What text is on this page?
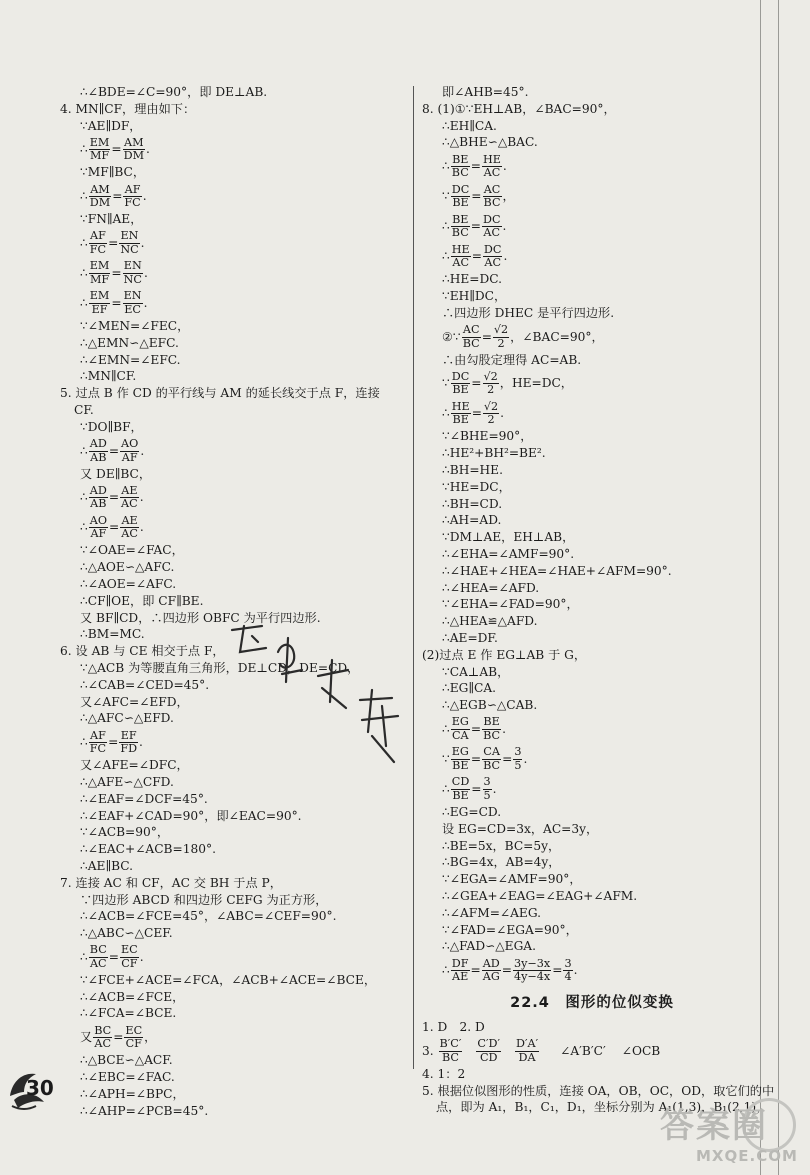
∴∠BDE=∠C=90°，即 DE⊥AB.
4. MN∥CF，理由如下：
∵AE∥DF，
∴ $\frac{EM}{MF} = \frac{AM}{DM}$ .
∵MF∥BC，
∴ $\frac{AM}{DM} = \frac{AF}{FC}$ .
∵FN∥AE，
∴ $\frac{AF}{FC} = \frac{EN}{NC}$ .
∴ $\frac{EM}{MF} = \frac{EN}{NC}$ .
∴ $\frac{EM}{EF} = \frac{EN}{EC}$ .
∵∠MEN=∠FEC，
∴△EMN∽△EFC.
∴∠EMN=∠EFC.
∴MN∥CF.
5. 过点 B 作 CD 的平行线与 AM 的延长线交于点 F，连接
CF.
∵DO∥BF，
∴ $\frac{AD}{AB} = \frac{AO}{AF}$ .
又 DE∥BC，
∴ $\frac{AD}{AB} = \frac{AE}{AC}$ .
∴ $\frac{AO}{AF} = \frac{AE}{AC}$ .
∵∠OAE=∠FAC，
∴△AOE∽△AFC.
∴∠AOE=∠AFC.
∴CF∥OE，即 CF∥BE.
又 BF∥CD，∴四边形 OBFC 为平行四边形.
∴BM=MC.
6. 设 AB 与 CE 相交于点 F，
∵△ACB 为等腰直角三角形，DE⊥CD，DE=CD，
∴∠CAB=∠CED=45°.
又∠AFC=∠EFD，
∴△AFC∽△EFD.
∴ $\frac{AF}{FC} = \frac{EF}{FD}$ .
又∠AFE=∠DFC，
∴△AFE∽△CFD.
∴∠EAF=∠DCF=45°.
∴∠EAF+∠CAD=90°，即∠EAC=90°.
∵∠ACB=90°，
∴∠EAC+∠ACB=180°.
∴AE∥BC.
7. 连接 AC 和 CF，AC 交 BH 于点 P，
∵四边形 ABCD 和四边形 CEFG 为正方形，
∴∠ACB=∠FCE=45°，∠ABC=∠CEF=90°.
∴△ABC∽△CEF.
∴ $\frac{BC}{AC} = \frac{EC}{CF}$ .
∵∠FCE+∠ACE=∠FCA，∠ACB+∠ACE=∠BCE，
∴∠ACB=∠FCE，
∴∠FCA=∠BCE.
又 $\frac{BC}{AC} = \frac{EC}{CF}$ ，
∴△BCE∽△ACF.
∴∠EBC=∠FAC.
∴∠APH=∠BPC，
∴∠AHP=∠PCB=45°.
即∠AHB=45°.
8. (1)①∵EH⊥AB，∠BAC=90°，
∴EH∥CA.
∴△BHE∽△BAC.
∴ $\frac{BE}{BC} = \frac{HE}{AC}$ .
∵ $\frac{DC}{BE} = \frac{AC}{BC}$ ，
∴ $\frac{BE}{BC} = \frac{DC}{AC}$ .
∴ $\frac{HE}{AC} = \frac{DC}{AC}$ .
∴HE=DC.
∵EH∥DC，
∴四边形 DHEC 是平行四边形.
②∵ $\frac{AC}{BC} = \frac{√2}{2}$ ，∠BAC=90°，
∴由勾股定理得 AC=AB.
∵ $\frac{DC}{BE} = \frac{√2}{2}$ ，HE=DC，
∴ $\frac{HE}{BE} = \frac{√2}{2}$ .
∵∠BHE=90°，
∴HE²+BH²=BE².
∴BH=HE.
∵HE=DC，
∴BH=CD.
∴AH=AD.
∵DM⊥AE，EH⊥AB，
∴∠EHA=∠AMF=90°.
∴∠HAE+∠HEA=∠HAE+∠AFM=90°.
∴∠HEA=∠AFD.
∵∠EHA=∠FAD=90°，
∴△HEA≌△AFD.
∴AE=DF.
(2)过点 E 作 EG⊥AB 于 G，
∵CA⊥AB，
∴EG∥CA.
∴△EGB∽△CAB.
∴ $\frac{EG}{CA} = \frac{BE}{BC}$ .
∵ $\frac{EG}{BE} = \frac{CA}{BC} = \frac{3}{5}$ .
∴ $\frac{CD}{BE} = \frac{3}{5}$ .
∴EG=CD.
设 EG=CD=3x，AC=3y，
∴BE=5x，BC=5y，
∴BG=4x，AB=4y，
∵∠EGA=∠AMF=90°，
∴∠GEA+∠EAG=∠EAG+∠AFM.
∴∠AFM=∠AEG.
∵∠FAD=∠EGA=90°，
∴△FAD∽△EGA.
∴ $\frac{DF}{AE} = \frac{AD}{AG} = \frac{3y-3x}{4y-4x} = \frac{3}{4}$ .
22.4　图形的位似变换
1. D　2. D
3. $\frac{B'C'}{BC} \frac{C'D'}{CD} \frac{D'A'}{DA}$ ∠A′B′C′ ∠OCB
4. 1：2
5. 根据位似图形的性质，连接 OA，OB，OC，OD，取它们的中
点，即为 A₁，B₁，C₁，D₁，坐标分别为 A₁(1,3)，B₁(2,1)，
30
答案圈
MXQE.COM
